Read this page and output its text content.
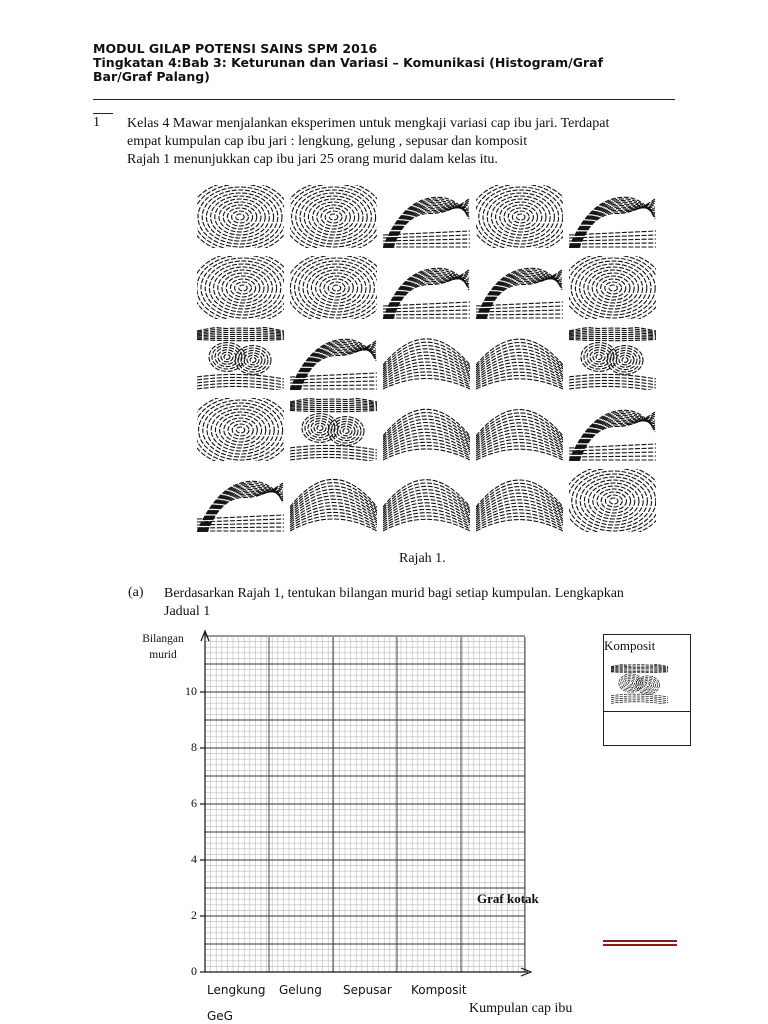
MODUL GILAP POTENSI SAINS SPM 2016
Tingkatan 4:Bab 3: Keturunan dan Variasi – Komunikasi (Histogram/Graf
Bar/Graf Palang)
1 Kelas 4 Mawar menjalankan eksperimen untuk mengkaji variasi cap ibu jari. Terdapat
empat kumpulan cap ibu jari : lengkung, gelung , sepusar dan komposit
Rajah 1 menunjukkan cap ibu jari 25 orang murid dalam kelas itu.
Rajah 1.
(a) Berdasarkan Rajah 1, tentukan bilangan murid bagi setiap kumpulan. Lengkapkan
Jadual 1
Bilangan
murid
0
2
4
6
8
10
Lengkung Gelung Sepusar Komposit
Kumpulan cap ibu
GeG
Graf kotak
Komposit
